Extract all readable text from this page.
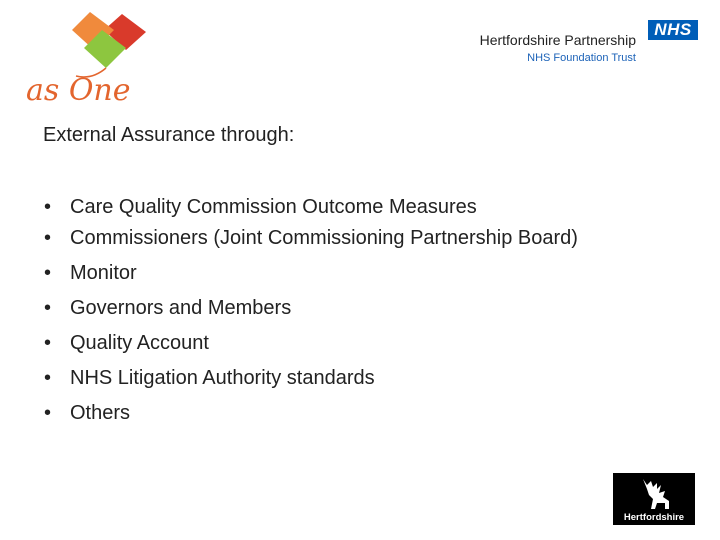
as One
Hertfordshire Partnership
NHS Foundation Trust
NHS
External Assurance through:
• Care Quality Commission Outcome Measures
• Commissioners (Joint Commissioning Partnership Board)
• Monitor
• Governors and Members
• Quality Account
• NHS Litigation Authority standards
• Others
Hertfordshire
